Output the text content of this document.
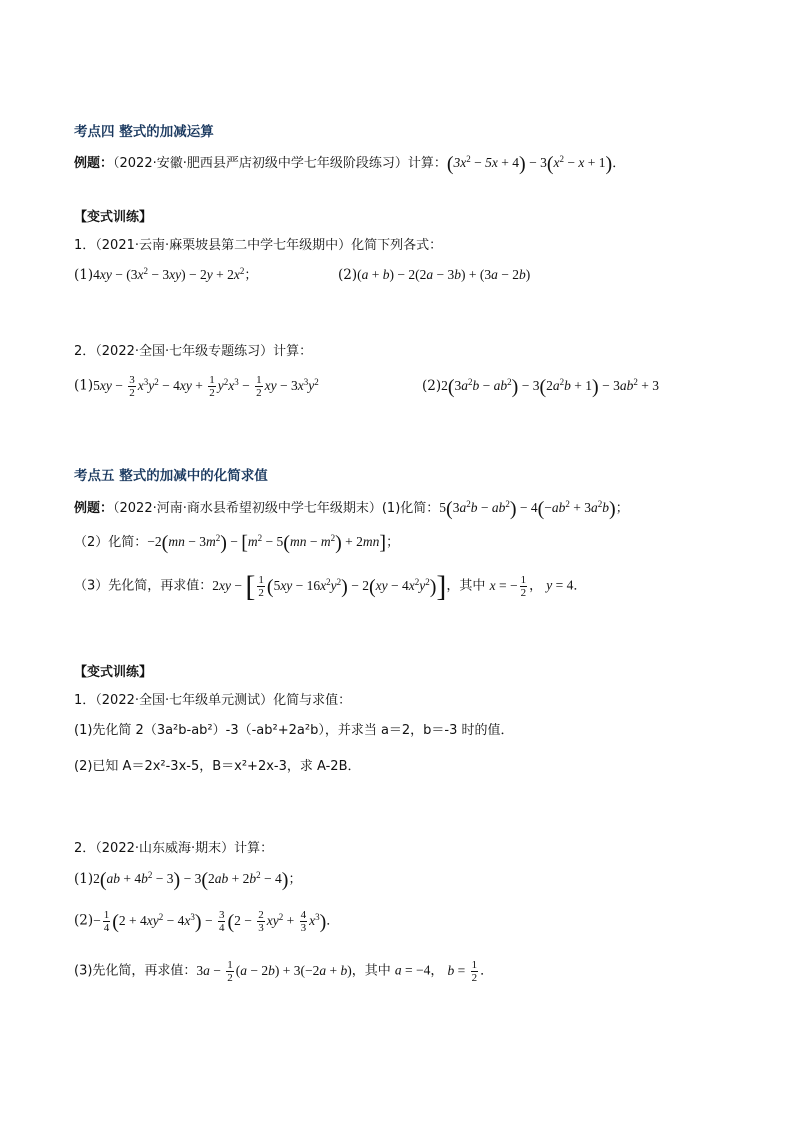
考点四 整式的加减运算
例题：（2022·安徽·肥西县严店初级中学七年级阶段练习）计算：$(3x^2 - 5x + 4) - 3(x^2 - x + 1)$．
【变式训练】
1．（2021·云南·麻栗坡县第二中学七年级期中）化简下列各式：
$(1)4xy - (3x^2 - 3xy) - 2y + 2x^2$；	(2)(a + b) − 2(2a − 3b) + (3a − 2b)
2．（2022·全国·七年级专题练习）计算：
$(1)5xy - \frac{3}{2} x^3y^2 - 4xy + \frac{1}{2} y^2x^3 - \frac{1}{2}$ xy − $3x^3y^2$	$(2)2(3a^2b - ab^2) - 3(2a^2b + 1) - 3ab^2 + 3$
考点五 整式的加减中的化简求值
例题：（2022·河南·商水县希望初级中学七年级期末）(1)化简：$5(3a^2b - ab^2) - 4(-ab^2 + 3a^2b)$；
（2）化简：$-2(mn - 3m^2) - [m^2 - 5(mn - m^2) + 2mn]$；
（3）先化简，再求值：2xy − [ $\frac{1}{2} (5xy - 16x^2y^2) - 2(xy - 4x^2y^2)$]，其中 x = − $\frac{1}{2}$ ， y = 4．
【变式训练】
1．（2022·全国·七年级单元测试）化简与求值：
(1)先化简 2（3a²b-ab²）-3（-ab²+2a²b），并求当 a＝2，b＝-3 时的值．
(2)已知 A＝2x²-3x-5，B＝x²+2x-3，求 A-2B．
2．（2022·山东威海·期末）计算：
$(1)2(ab + 4b^2 - 3) - 3(2ab + 2b^2 - 4)$；
$(2)- \frac{1}{4} (2 + 4xy^2 - 4x^3) - \frac{3}{4} (2 - \frac{2}{3} xy^2 + \frac{4}{3} x^3)$．
(3)先化简，再求值：$3a - \frac{1}{2} (a - 2b) + 3(-2a + b)$，其中 a = −4， $b = \frac{1}{2}$ ．
